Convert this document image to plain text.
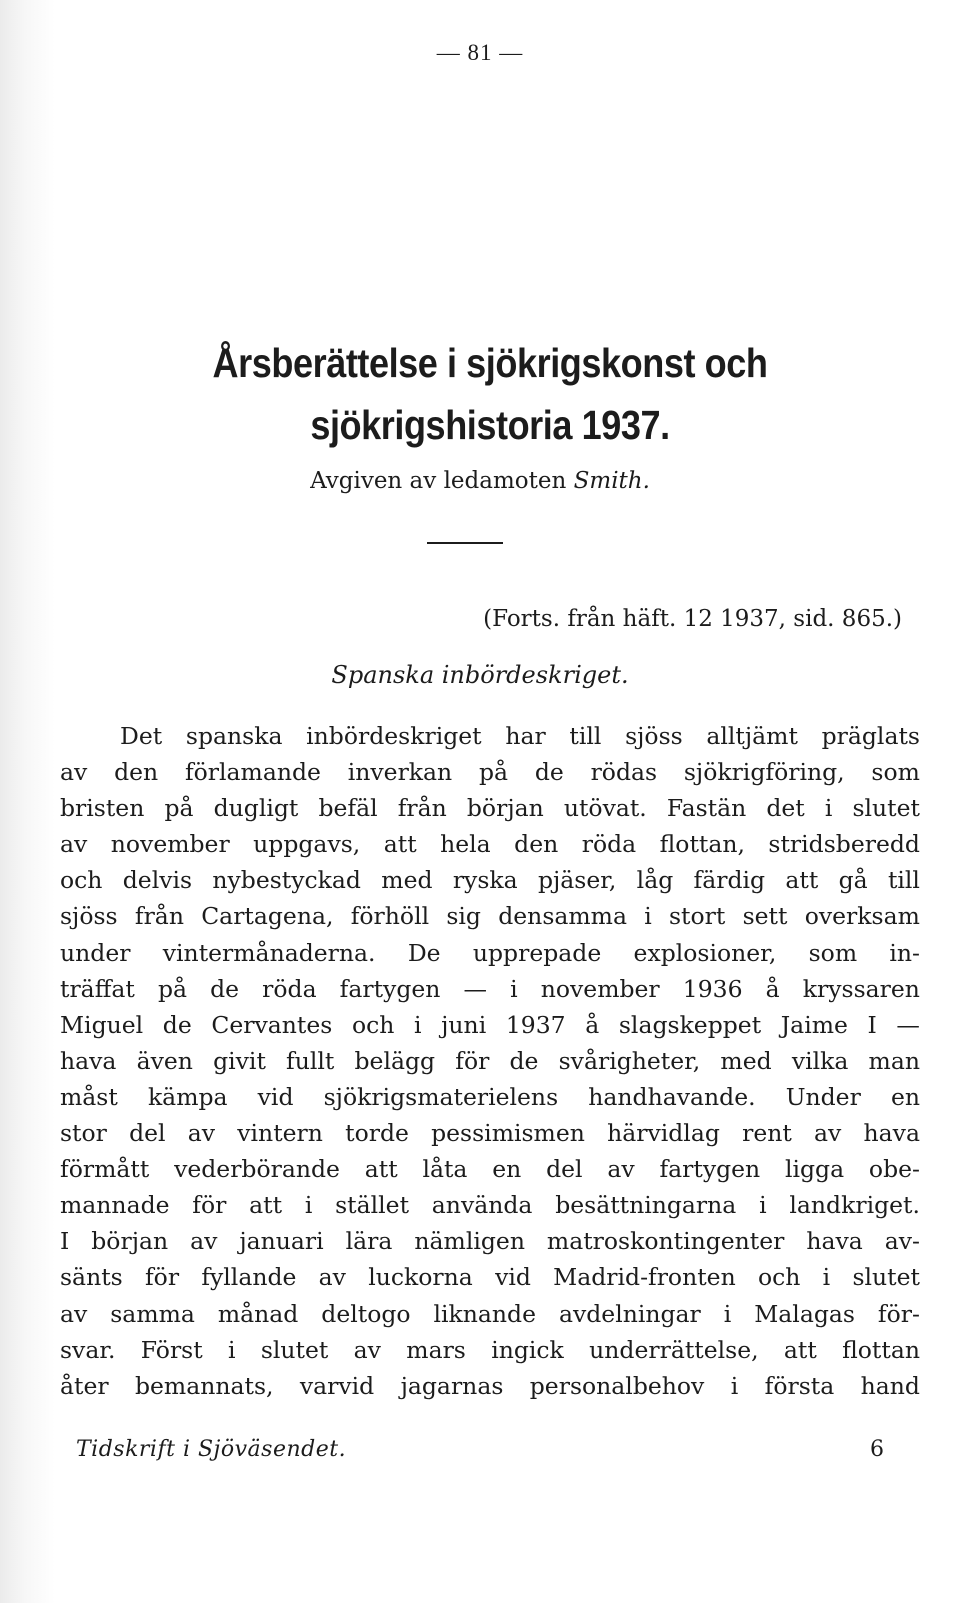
— 81 —
Årsberättelse i sjökrigskonst och
sjökrigshistoria 1937.
Avgiven av ledamoten Smith.
(Forts. från häft. 12 1937, sid. 865.)
Spanska inbördeskriget.
Det spanska inbördeskriget har till sjöss alltjämt präglats
av den förlamande inverkan på de rödas sjökrigföring, som
bristen på dugligt befäl från början utövat. Fastän det i slutet
av november uppgavs, att hela den röda flottan, stridsberedd
och delvis nybestyckad med ryska pjäser, låg färdig att gå till
sjöss från Cartagena, förhöll sig densamma i stort sett overksam
under vintermånaderna. De upprepade explosioner, som in-
träffat på de röda fartygen — i november 1936 å kryssaren
Miguel de Cervantes och i juni 1937 å slagskeppet Jaime I —
hava även givit fullt belägg för de svårigheter, med vilka man
måst kämpa vid sjökrigsmaterielens handhavande. Under en
stor del av vintern torde pessimismen härvidlag rent av hava
förmått vederbörande att låta en del av fartygen ligga obe-
mannade för att i stället använda besättningarna i landkriget.
I början av januari lära nämligen matroskontingenter hava av-
sänts för fyllande av luckorna vid Madrid-fronten och i slutet
av samma månad deltogo liknande avdelningar i Malagas för-
svar. Först i slutet av mars ingick underrättelse, att flottan
åter bemannats, varvid jagarnas personalbehov i första hand
Tidskrift i Sjöväsendet.	6
